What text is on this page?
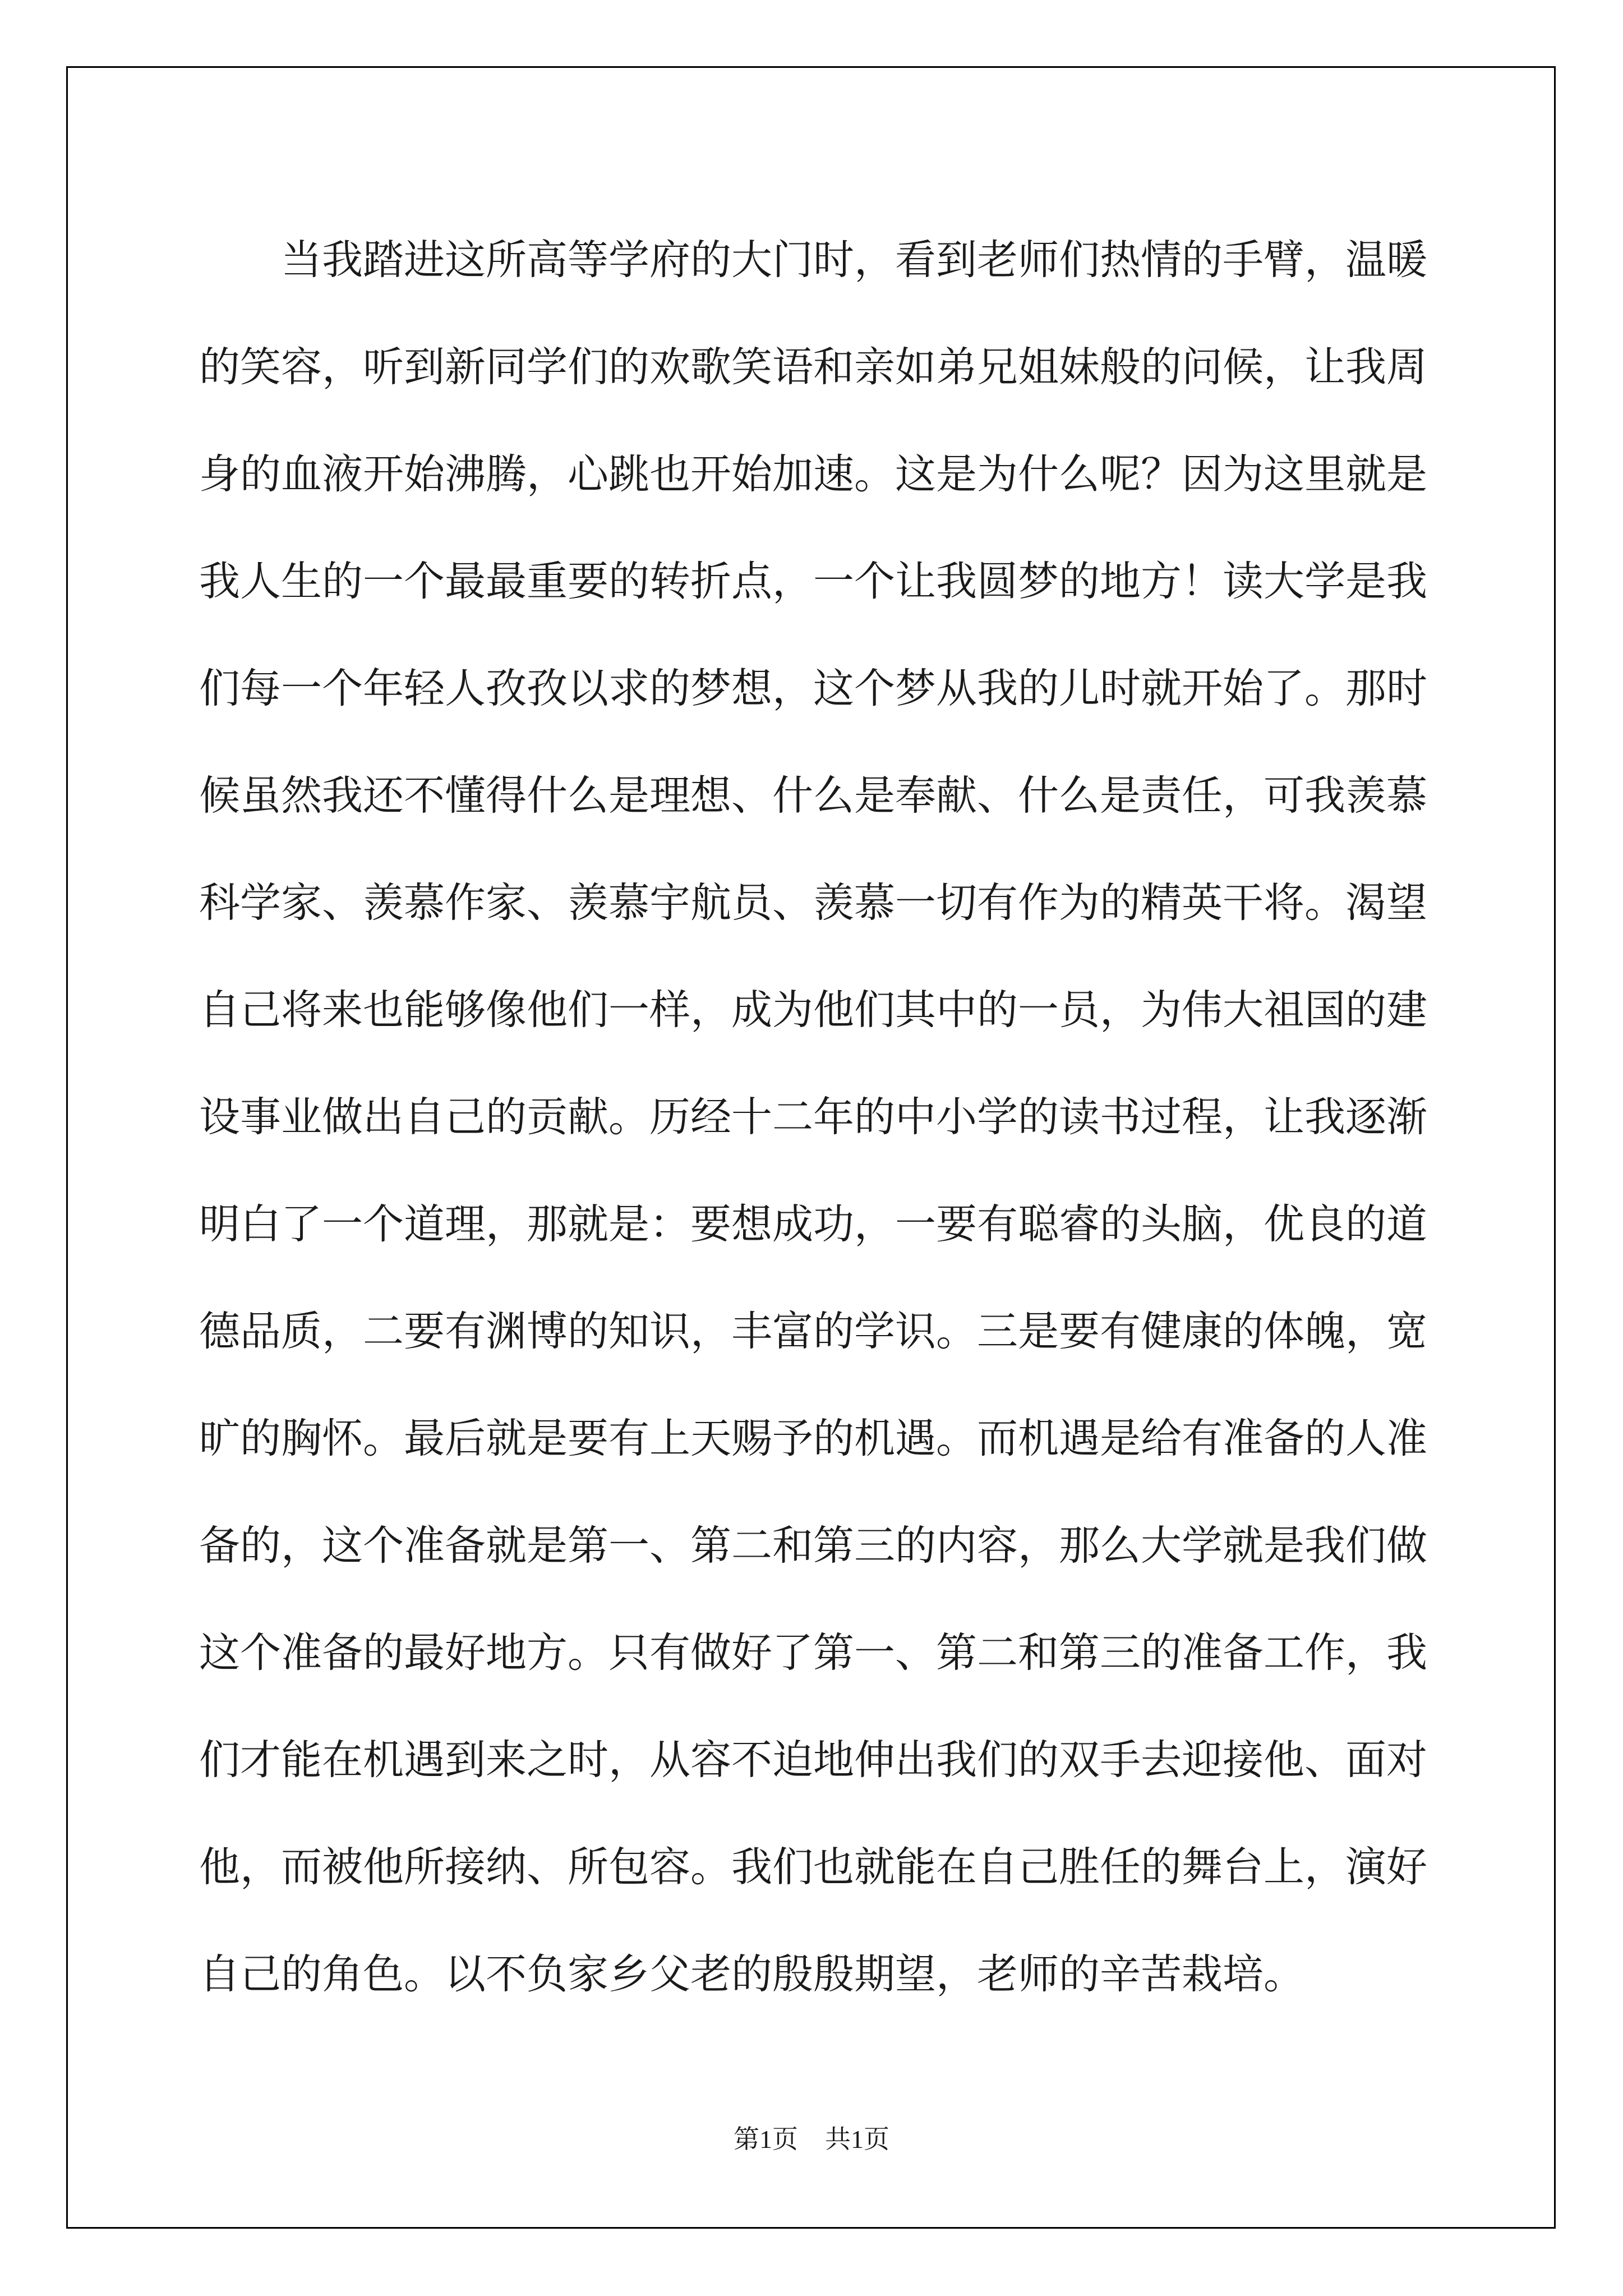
当我踏进这所高等学府的大门时，看到老师们热情的手臂，温暖的笑容，听到新同学们的欢歌笑语和亲如弟兄姐妹般的问候，让我周身的血液开始沸腾，心跳也开始加速。这是为什么呢？因为这里就是我人生的一个最最重要的转折点，一个让我圆梦的地方！读大学是我们每一个年轻人孜孜以求的梦想，这个梦从我的儿时就开始了。那时候虽然我还不懂得什么是理想、什么是奉献、什么是责任，可我羡慕科学家、羡慕作家、羡慕宇航员、羡慕一切有作为的精英干将。渴望自己将来也能够像他们一样，成为他们其中的一员，为伟大祖国的建设事业做出自己的贡献。历经十二年的中小学的读书过程，让我逐渐明白了一个道理，那就是：要想成功，一要有聪睿的头脑，优良的道德品质，二要有渊博的知识，丰富的学识。三是要有健康的体魄，宽旷的胸怀。最后就是要有上天赐予的机遇。而机遇是给有准备的人准备的，这个准备就是第一、第二和第三的内容，那么大学就是我们做这个准备的最好地方。只有做好了第一、第二和第三的准备工作，我们才能在机遇到来之时，从容不迫地伸出我们的双手去迎接他、面对他，而被他所接纳、所包容。我们也就能在自己胜任的舞台上，演好自己的角色。以不负家乡父老的殷殷期望，老师的辛苦栽培。

第1页 共1页
